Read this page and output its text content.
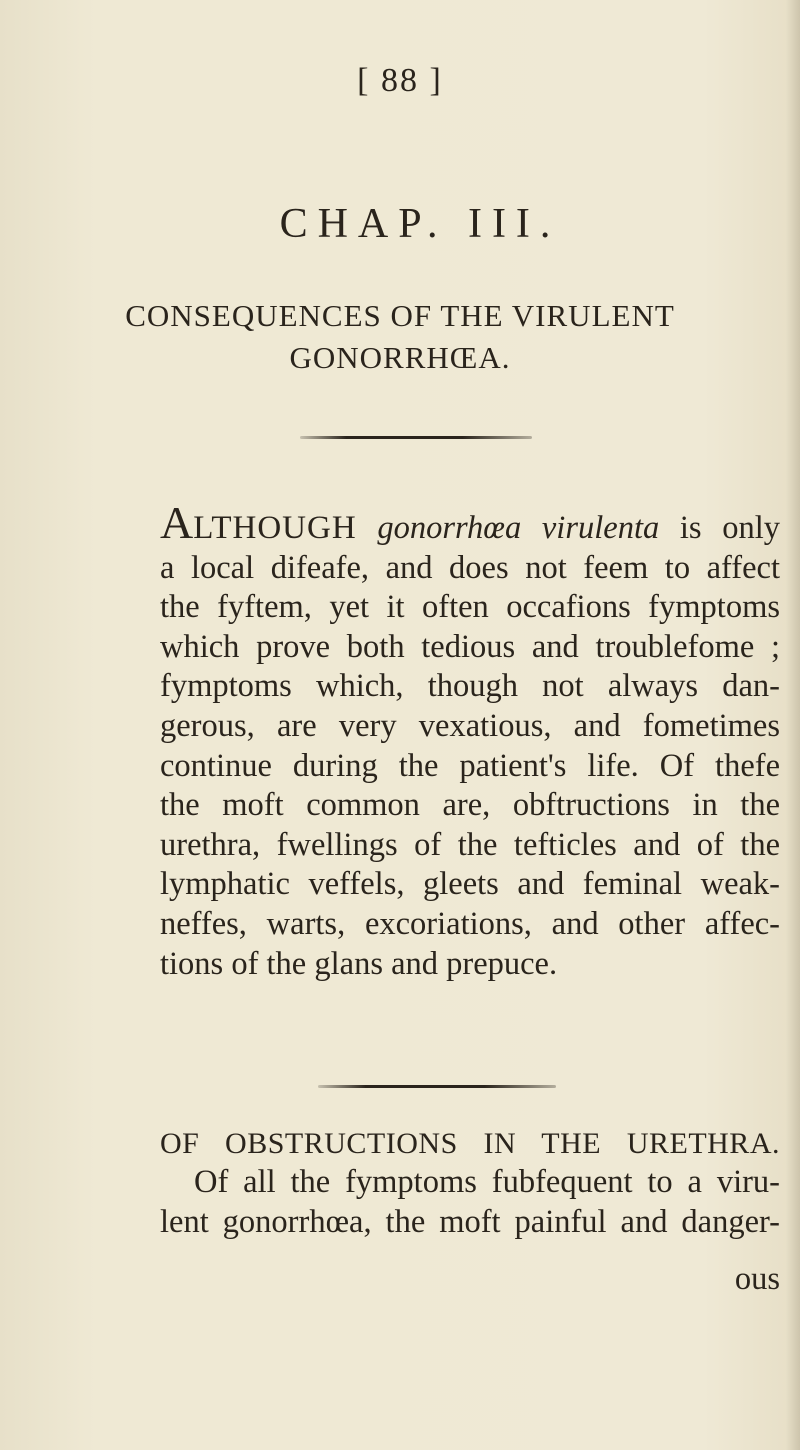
[ 88 ]
CHAP. III.
CONSEQUENCES OF THE VIRULENT
GONORRHŒA.
ALTHOUGH gonorrhœa virulenta is only
a local difeafe, and does not feem to affect
the fyftem, yet it often occafions fymptoms
which prove both tedious and troublefome ;
fymptoms which, though not always dan-
gerous, are very vexatious, and fometimes
continue during the patient's life. Of thefe
the moft common are, obftructions in the
urethra, fwellings of the tefticles and of the
lymphatic veffels, gleets and feminal weak-
neffes, warts, excoriations, and other affec-
tions of the glans and prepuce.
OF OBSTRUCTIONS IN THE URETHRA.
Of all the fymptoms fubfequent to a viru-
lent gonorrhœa, the moft painful and danger-
ous
